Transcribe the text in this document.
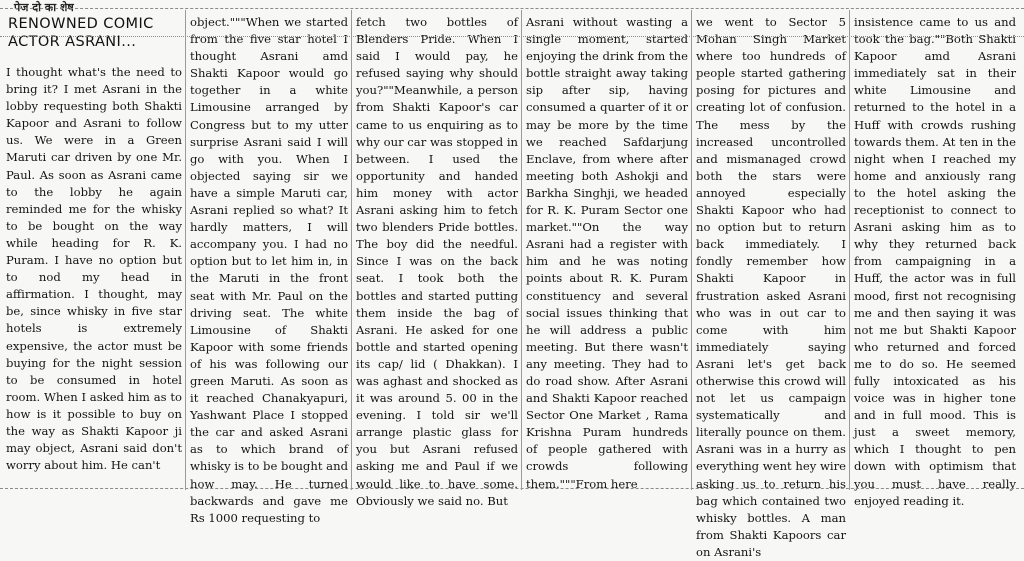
पेज दो का शेष
RENOWNED COMIC ACTOR ASRANI...

I thought what's the need to bring it? I met Asrani in the lobby requesting both Shakti Kapoor and Asrani to follow us. We were in a Green Maruti car driven by one Mr. Paul. As soon as Asrani came to the lobby he again reminded me for the whisky to be bought on the way while heading for R. K. Puram. I have no option but to nod my head in affirmation. I thought, may be, since whisky in five star hotels is extremely expensive, the actor must be buying for the night session to be consumed in hotel room. When I asked him as to how is it possible to buy on the way as Shakti Kapoor ji may object, Asrani said don't worry about him. He can't

object."""When we started from the five star hotel I thought Asrani amd Shakti Kapoor would go together in a white Limousine arranged by Congress but to my utter surprise Asrani said I will go with you. When I objected saying sir we have a simple Maruti car, Asrani replied so what? It hardly matters, I will accompany you. I had no option but to let him in, in the Maruti in the front seat with Mr. Paul on the driving seat. The white Limousine of Shakti Kapoor with some friends of his was following our green Maruti. As soon as it reached Chanakyapuri, Yashwant Place I stopped the car and asked Asrani as to which brand of whisky is to be bought and how may. He turned backwards and gave me Rs 1000 requesting to

fetch two bottles of Blenders Pride. When I said I would pay, he refused saying why should you?""Meanwhile, a person from Shakti Kapoor's car came to us enquiring as to why our car was stopped in between. I used the opportunity and handed him money with actor Asrani asking him to fetch two blenders Pride bottles. The boy did the needful. Since I was on the back seat. I took both the bottles and started putting them inside the bag of Asrani. He asked for one bottle and started opening its cap/ lid ( Dhakkan). I was aghast and shocked as it was around 5. 00 in the evening. I told sir we'll arrange plastic glass for you but Asrani refused asking me and Paul if we would like to have some. Obviously we said no. But

Asrani without wasting a single moment, started enjoying the drink from the bottle straight away taking sip after sip, having consumed a quarter of it or may be more by the time we reached Safdarjung Enclave, from where after meeting both Ashokji and Barkha Singhji, we headed for R. K. Puram Sector one market.""On the way Asrani had a register with him and he was noting points about R. K. Puram constituency and several social issues thinking that he will address a public meeting. But there wasn't any meeting. They had to do road show. After Asrani and Shakti Kapoor reached Sector One Market , Rama Krishna Puram hundreds of people gathered with crowds following them."""From here

we went to Sector 5 Mohan Singh Market where too hundreds of people started gathering posing for pictures and creating lot of confusion. The mess by the increased uncontrolled and mismanaged crowd both the stars were annoyed especially Shakti Kapoor who had no option but to return back immediately. I fondly remember how Shakti Kapoor in frustration asked Asrani who was in out car to come with him immediately saying Asrani let's get back otherwise this crowd will not let us campaign systematically and literally pounce on them. Asrani was in a hurry as everything went hey wire asking us to return his bag which contained two whisky bottles. A man from Shakti Kapoors car on Asrani's

insistence came to us and took the bag.""Both Shakti Kapoor amd Asrani immediately sat in their white Limousine and returned to the hotel in a Huff with crowds rushing towards them. At ten in the night when I reached my home and anxiously rang to the hotel asking the receptionist to connect to Asrani asking him as to why they returned back from campaigning in a Huff, the actor was in full mood, first not recognising me and then saying it was not me but Shakti Kapoor who returned and forced me to do so. He seemed fully intoxicated as his voice was in higher tone and in full mood. This is just a sweet memory, which I thought to pen down with optimism that you must have really enjoyed reading it.
